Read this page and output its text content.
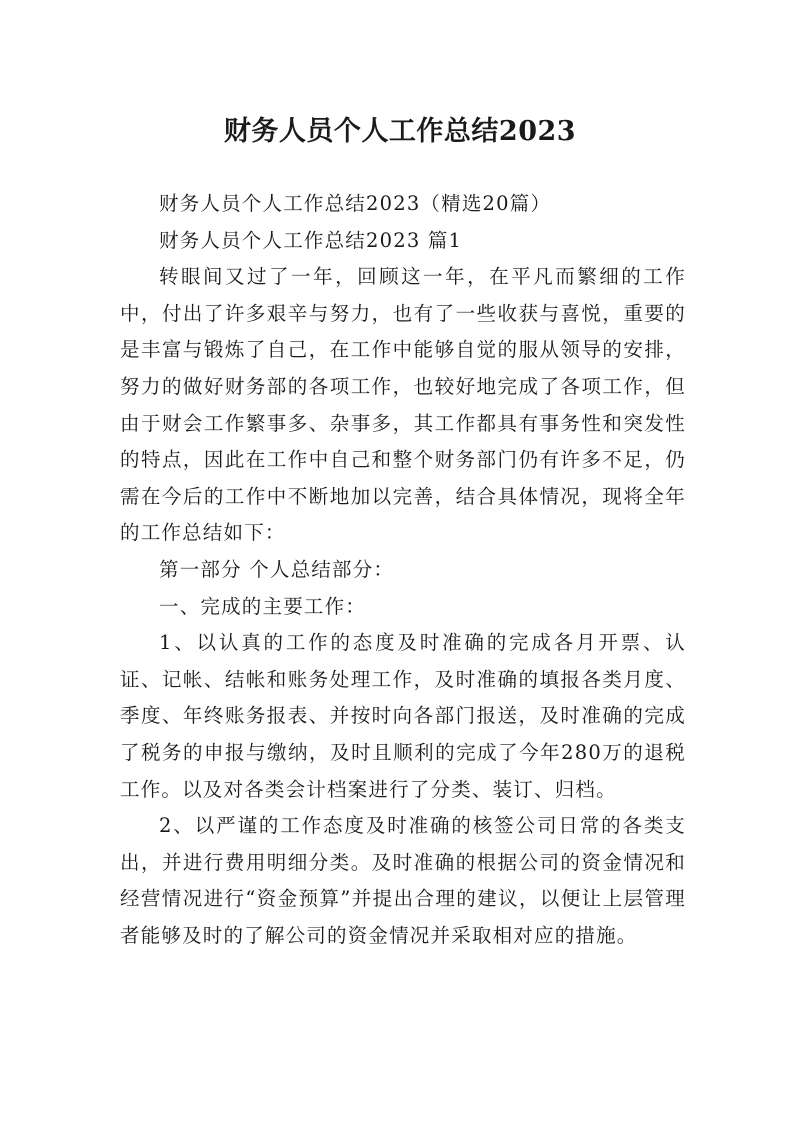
财务人员个人工作总结2023

财务人员个人工作总结2023（精选20篇）

财务人员个人工作总结2023 篇1

转眼间又过了一年，回顾这一年，在平凡而繁细的工作中，付出了许多艰辛与努力，也有了一些收获与喜悦，重要的是丰富与锻炼了自己，在工作中能够自觉的服从领导的安排，努力的做好财务部的各项工作，也较好地完成了各项工作，但由于财会工作繁事多、杂事多，其工作都具有事务性和突发性的特点，因此在工作中自己和整个财务部门仍有许多不足，仍需在今后的工作中不断地加以完善，结合具体情况，现将全年的工作总结如下：

第一部分 个人总结部分：

一、完成的主要工作：

1、以认真的工作的态度及时准确的完成各月开票、认证、记帐、结帐和账务处理工作，及时准确的填报各类月度、季度、年终账务报表、并按时向各部门报送，及时准确的完成了税务的申报与缴纳，及时且顺利的完成了今年280万的退税工作。以及对各类会计档案进行了分类、装订、归档。

2、以严谨的工作态度及时准确的核签公司日常的各类支出，并进行费用明细分类。及时准确的根据公司的资金情况和经营情况进行“资金预算”并提出合理的建议，以便让上层管理者能够及时的了解公司的资金情况并采取相对应的措施。
